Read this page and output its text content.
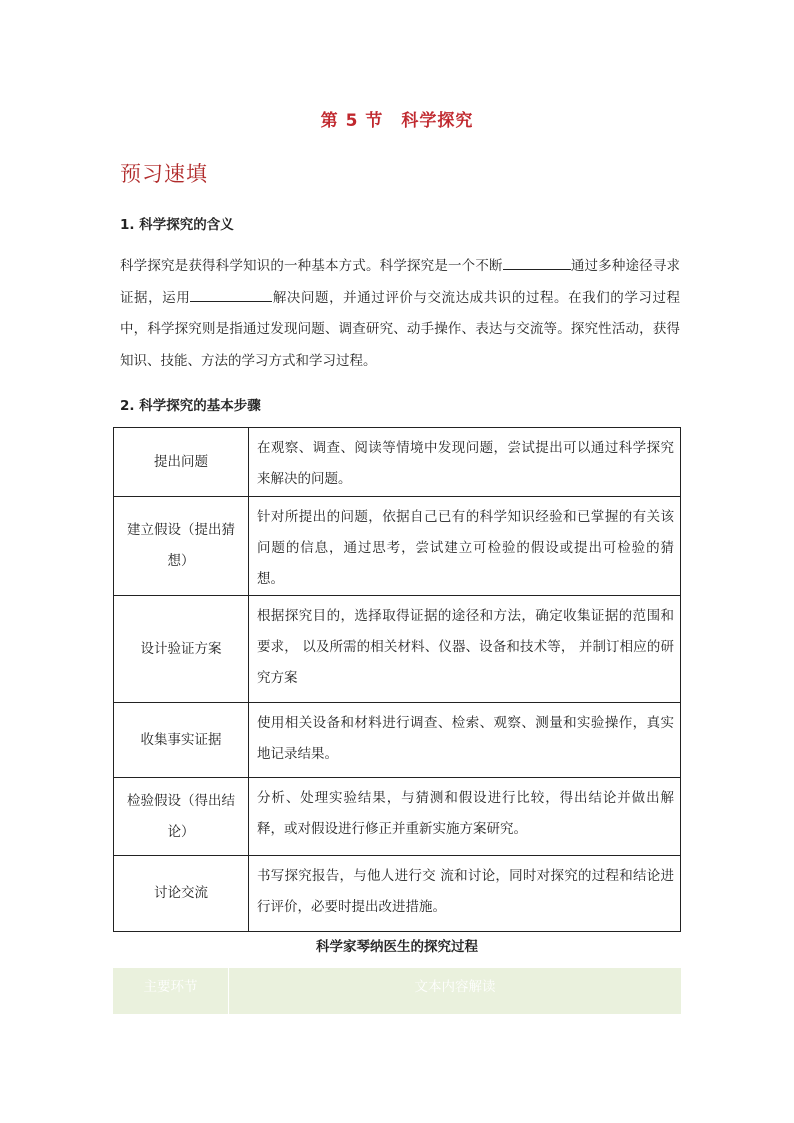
第 5 节　科学探究
预习速填
1. 科学探究的含义
科学探究是获得科学知识的一种基本方式。科学探究是一个不断	通过多种途径寻求证据，运用	解决问题，并通过评价与交流达成共识的过程。在我们的学习过程中，科学探究则是指通过发现问题、调查研究、动手操作、表达与交流等。探究性活动，获得知识、技能、方法的学习方式和学习过程。
2. 科学探究的基本步骤
提出问题	在观察、调查、阅读等情境中发现问题，尝试提出可以通过科学探究来解决的问题。
建立假设（提出猜想）	针对所提出的问题，依据自己已有的科学知识经验和已掌握的有关该问题的信息，通过思考，尝试建立可检验的假设或提出可检验的猜想。
设计验证方案	根据探究目的，选择取得证据的途径和方法，确定收集证据的范围和要求， 以及所需的相关材料、仪器、设备和技术等， 并制订相应的研究方案
收集事实证据	使用相关设备和材料进行调查、检索、观察、测量和实验操作，真实地记录结果。
检验假设（得出结论）	分析、处理实验结果，与猜测和假设进行比较，得出结论并做出解释，或对假设进行修正并重新实施方案研究。
讨论交流	书写探究报告，与他人进行交 流和讨论，同时对探究的过程和结论进行评价，必要时提出改进措施。
科学家琴纳医生的探究过程
主要环节	文本内容解读
